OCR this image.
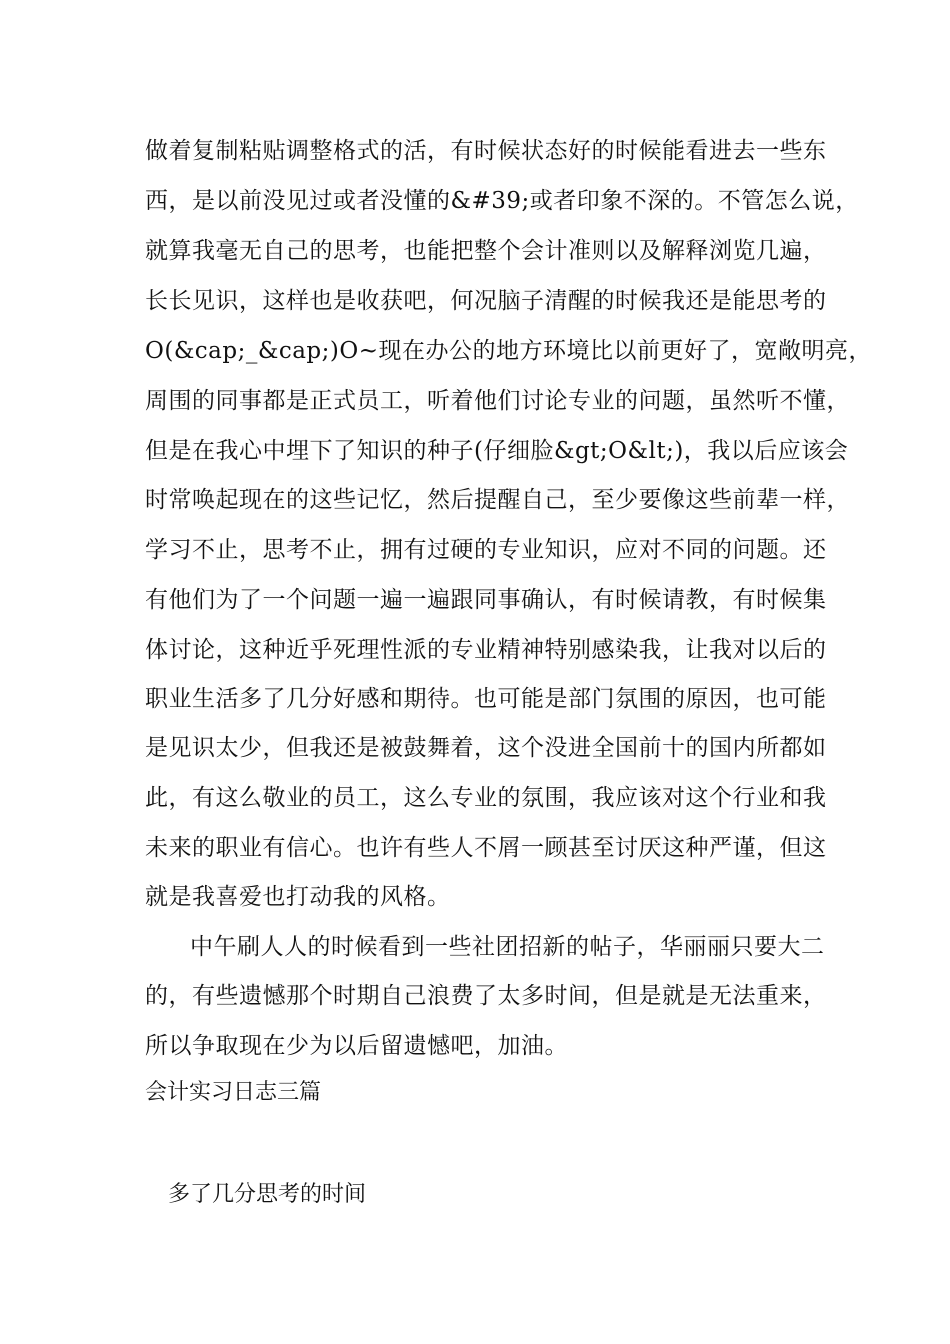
做着复制粘贴调整格式的活，有时候状态好的时候能看进去一些东
西，是以前没见过或者没懂的&#39;或者印象不深的。不管怎么说，
就算我毫无自己的思考，也能把整个会计准则以及解释浏览几遍，
长长见识，这样也是收获吧，何况脑子清醒的时候我还是能思考的
O(&cap;_&cap;)O~现在办公的地方环境比以前更好了，宽敞明亮，
周围的同事都是正式员工，听着他们讨论专业的问题，虽然听不懂，
但是在我心中埋下了知识的种子(仔细脸&gt;O&lt;)，我以后应该会
时常唤起现在的这些记忆，然后提醒自己，至少要像这些前辈一样，
学习不止，思考不止，拥有过硬的专业知识，应对不同的问题。还
有他们为了一个问题一遍一遍跟同事确认，有时候请教，有时候集
体讨论，这种近乎死理性派的专业精神特别感染我，让我对以后的
职业生活多了几分好感和期待。也可能是部门氛围的原因，也可能
是见识太少，但我还是被鼓舞着，这个没进全国前十的国内所都如
此，有这么敬业的员工，这么专业的氛围，我应该对这个行业和我
未来的职业有信心。也许有些人不屑一顾甚至讨厌这种严谨，但这
就是我喜爱也打动我的风格。
中午刷人人的时候看到一些社团招新的帖子，华丽丽只要大二
的，有些遗憾那个时期自己浪费了太多时间，但是就是无法重来，
所以争取现在少为以后留遗憾吧，加油。
会计实习日志三篇
多了几分思考的时间
